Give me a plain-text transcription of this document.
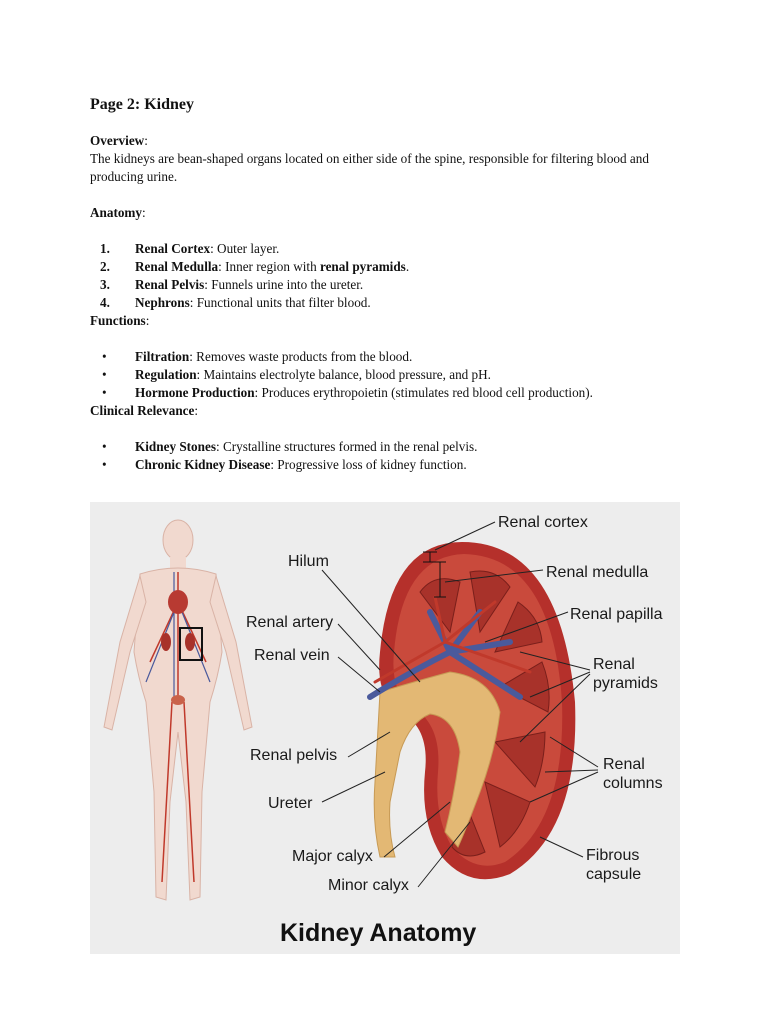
Page 2: Kidney
Overview:

The kidneys are bean-shaped organs located on either side of the spine, responsible for filtering blood and producing urine.

Anatomy:
1.	Renal Cortex: Outer layer.
2.	Renal Medulla: Inner region with renal pyramids.
3.	Renal Pelvis: Funnels urine into the ureter.
4.	Nephrons: Functional units that filter blood.
Functions:
•	Filtration: Removes waste products from the blood.
•	Regulation: Maintains electrolyte balance, blood pressure, and pH.
•	Hormone Production: Produces erythropoietin (stimulates red blood cell production).
Clinical Relevance:
•	Kidney Stones: Crystalline structures formed in the renal pelvis.
•	Chronic Kidney Disease: Progressive loss of kidney function.
Renal cortex
Hilum
Renal medulla
Renal papilla
Renal artery
Renal vein
Renal
pyramids
Renal pelvis
Renal
columns
Ureter
Fibrous
capsule
Major calyx
Minor calyx
Kidney Anatomy
